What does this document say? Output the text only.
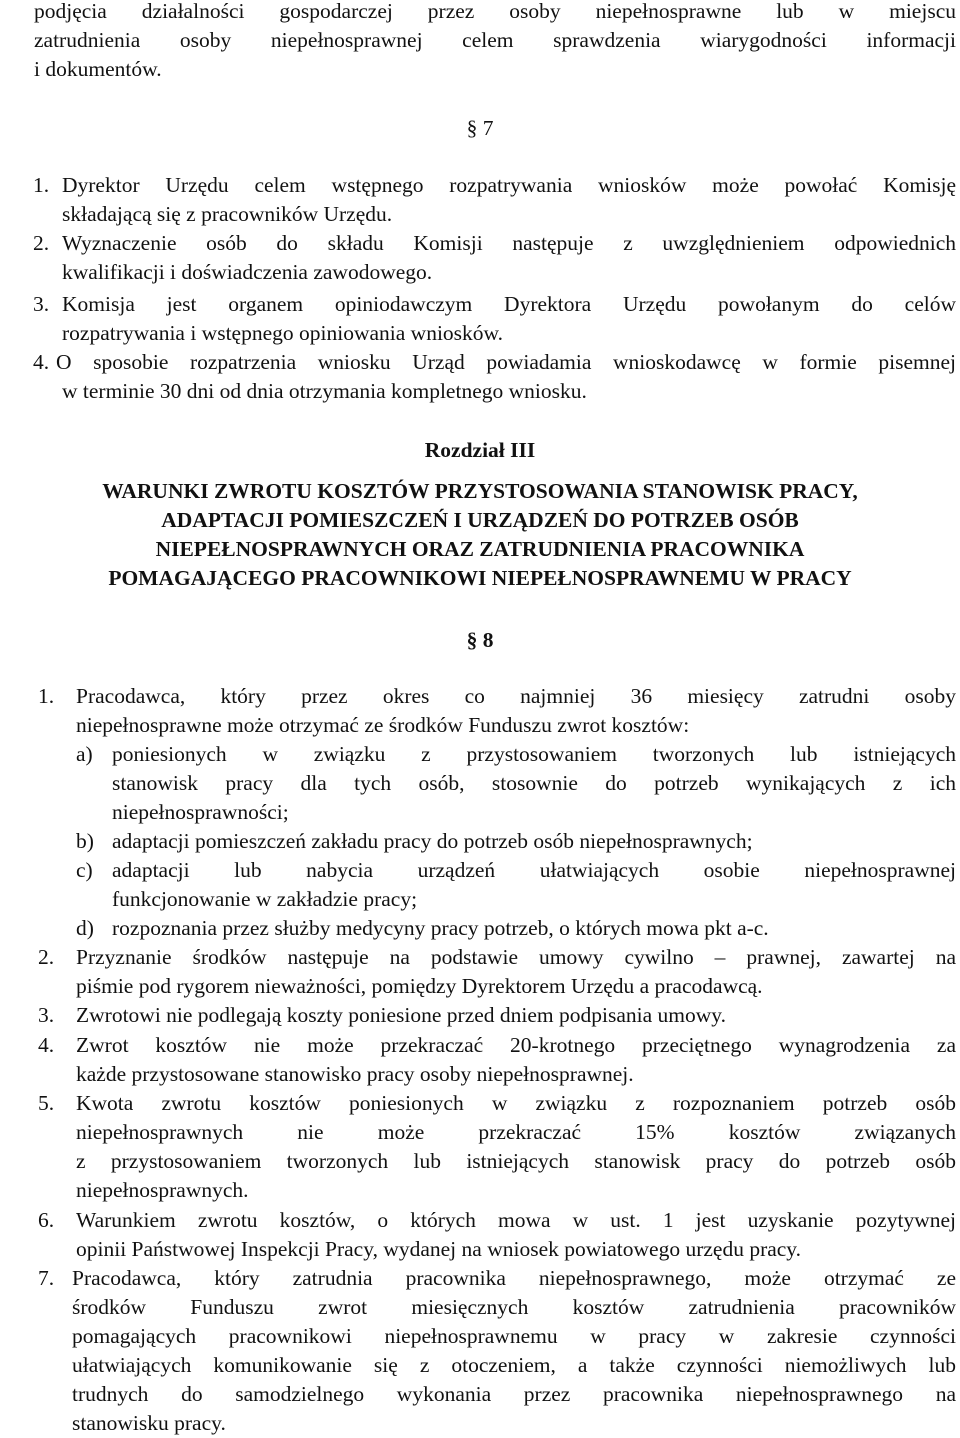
podjęcia działalności gospodarczej przez osoby niepełnosprawne lub w miejscu
zatrudnienia osoby niepełnosprawnej celem sprawdzenia wiarygodności informacji
i dokumentów.
§ 7
1. Dyrektor Urzędu celem wstępnego rozpatrywania wniosków może powołać Komisję
składającą się z pracowników Urzędu.
2. Wyznaczenie osób do składu Komisji następuje z uwzględnieniem odpowiednich
kwalifikacji i doświadczenia zawodowego.
3. Komisja jest organem opiniodawczym Dyrektora Urzędu powołanym do celów
rozpatrywania i wstępnego opiniowania wniosków.
4. O sposobie rozpatrzenia wniosku Urząd powiadamia wnioskodawcę w formie pisemnej
w terminie 30 dni od dnia otrzymania kompletnego wniosku.
Rozdział III
WARUNKI ZWROTU KOSZTÓW PRZYSTOSOWANIA STANOWISK PRACY,
ADAPTACJI POMIESZCZEŃ I URZĄDZEŃ DO POTRZEB OSÓB
NIEPEŁNOSPRAWNYCH ORAZ ZATRUDNIENIA PRACOWNIKA
POMAGAJĄCEGO PRACOWNIKOWI NIEPEŁNOSPRAWNEMU W PRACY
§ 8
1. Pracodawca, który przez okres co najmniej 36 miesięcy zatrudni osoby
niepełnosprawne może otrzymać ze środków Funduszu zwrot kosztów:
a) poniesionych w związku z przystosowaniem tworzonych lub istniejących
stanowisk pracy dla tych osób, stosownie do potrzeb wynikających z ich
niepełnosprawności;
b) adaptacji pomieszczeń zakładu pracy do potrzeb osób niepełnosprawnych;
c) adaptacji lub nabycia urządzeń ułatwiających osobie niepełnosprawnej
funkcjonowanie w zakładzie pracy;
d) rozpoznania przez służby medycyny pracy potrzeb, o których mowa pkt a-c.
2. Przyznanie środków następuje na podstawie umowy cywilno – prawnej, zawartej na
piśmie pod rygorem nieważności, pomiędzy Dyrektorem Urzędu a pracodawcą.
3. Zwrotowi nie podlegają koszty poniesione przed dniem podpisania umowy.
4. Zwrot kosztów nie może przekraczać 20-krotnego przeciętnego wynagrodzenia za
każde przystosowane stanowisko pracy osoby niepełnosprawnej.
5. Kwota zwrotu kosztów poniesionych w związku z rozpoznaniem potrzeb osób
niepełnosprawnych nie może przekraczać 15% kosztów związanych
z przystosowaniem tworzonych lub istniejących stanowisk pracy do potrzeb osób
niepełnosprawnych.
6. Warunkiem zwrotu kosztów, o których mowa w ust. 1 jest uzyskanie pozytywnej
opinii Państwowej Inspekcji Pracy, wydanej na wniosek powiatowego urzędu pracy.
7. Pracodawca, który zatrudnia pracownika niepełnosprawnego, może otrzymać ze
środków Funduszu zwrot miesięcznych kosztów zatrudnienia pracowników
pomagających pracownikowi niepełnosprawnemu w pracy w zakresie czynności
ułatwiających komunikowanie się z otoczeniem, a także czynności niemożliwych lub
trudnych do samodzielnego wykonania przez pracownika niepełnosprawnego na
stanowisku pracy.
